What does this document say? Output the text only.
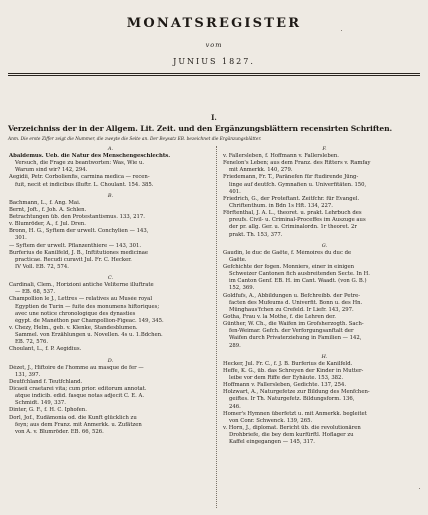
MONATSREGISTER
vom
JUNIUS 1827.
I.
Verzeichniss der in der Allgem. Lit. Zeit. und den Ergänzungsblättern recensirten Schriften.
Anm. Die erste Ziffer zeigt die Nummer, die zweyte die Seite an. Der Beysatz EB. bezeichnet die Ergänzungsblätter.
A.
Abaldemus. Ueb. die Natur des Menschengeschlechts.
Versuch, die Frage zu beantworten: Was, Wie u.
Warum sind wir? 142, 294.
Aegidii, Petr. Corbolienfis, carmina medica — recen-
fuit, necit et indicibus illuftr. L. Choulant. 154. 385.
B.
Bachmann, L., f. Ang. Mai.
Bernt, Joft., f. Joh. A. Schlen.
Betrachtungen üb. den Protestantismus. 133, 217.
v. Blumröder, A., f. Jul. Dren.
Bronn, H. G., Syftem der urwelt. Conchylien — 143,
301.
— Syftem der urwelt. Pflanzenthiere — 143, 301.
Burferius de Kanilfeld, J. B., Inftitutiones medicinae
practicae. Recudi curavit Jul. Fr. C. Hecker.
IV Voll. EB. 72, 574.
C.
Cardinali, Clem., Horizioni antiche Veliterne illuftrate
— EB. 68, 537.
Champollion le J., Lettres — relatives au Musée royal
Egyptien de Turin — fuite des monumens hiftoriques;
avec une notice chronologique des dynasties
égypt. de Manéthon par Champollion-Figeac. 149, 345.
v. Chezy, Helm., geb. v. Klenke, Standesblumen.
Sammel. von Erzählungen u. Novellen. 4s u. 1.Bdchen.
EB. 72, 576.
Choulant, L., f. P. Aegidius.
D.
Dézet, J., Hiftoire de l'homme au masque de fer —
131, 397.
Deutfchland f. Teutfchland.
Dicaeii craetarei vita; cum prior. editorum annotat.
atque indicib. edid. fasque notas adjecit C. E. A.
Schmidt. 149, 337.
Dinter, G. F., f. H. C. Iphofen.
Dorl, Jof., Eudämonia od. die Kunft glücklich zu
feyn; aus dem Franz. mit Anmerkk. u. Zufätzen
von A. v. Blumröder. EB. 66, 526.
F.
v. Fallersleben, f. Hoffmann v. Fallersleben.
Fenelon's Leben; aus dem Franz. des Ritters v. Ramfay
mit Anmerkk. 140, 279.
Friedemann, Fr. T., Paränefen für ftudirende Jüng-
linge auf deutfch. Gymnafien u. Univerfitäten. 150,
401.
Friedrich, G., der Proteftant. Zeitfchr. für Evangel.
Chriftenthum. in Bdn 1s Hft. 134, 227.
Förftenthal, J. A. L., theoret. u. prakt. Lehrbuch des
preufs. Civil- u. Criminal-Proceffes im Auszuge aus
der pr. allg. Ger. u. Criminalordn. 1r theoret. 2r
prakt. Th. 153, 377.
G.
Gaudin, le duc de Gaëte, f. Mémoires du duc de
Gaëte.
Gefchichte der fogen. Monniers, einer in einigen
Schweizer Cantonen fich ausbreitenden Secte. In H.
im Canton Genf. EB. H. im Cant. Waadt. (von G. B.)
152, 369.
Goldfufs, A., Abbildungen u. Befchreibb. der Petre-
facten des Mufeums d. Univerfit. Bonn u. des Hn.
Münghaus'fchen zu Crefeld. Ir Liefr. 143, 297.
Gotha, Frau v. la Mothe, f. die Lehren der.
Günther, W. Ch., die Waifen im Grofsherzogth. Sach-
fen-Weimar. Gefch. der Verforgungsanftalt der
Waifen durch Privaterziehung in Familien — 142,
289.
H.
Hecker, Jul. Fr. C., f. J. B. Burferius de Kanilfeld.
Heffe, K. G., üb. das Schreyen der Kinder in Mutter-
leibe vor dem Riffe der Eyhäute. 153, 382.
Hoffmann v. Fallersleben, Gedichte. 137, 254.
Holzwart, A., Naturgefetze zur Bildung des Menfchen-
geiftes. Ir Th. Naturgefetz. Bildungsform. 136,
246.
Homer's Hymnen überfetzt u. mit Anmerkk. begleitet
von Conr. Schwenck. 139, 265.
v. Horn, J., diplomat. Bericht üb. die revolutionären
Drohbriefe, die bey dem kurfürftl. Hoflager zu
Kaffel eingegangen — 145, 317.
